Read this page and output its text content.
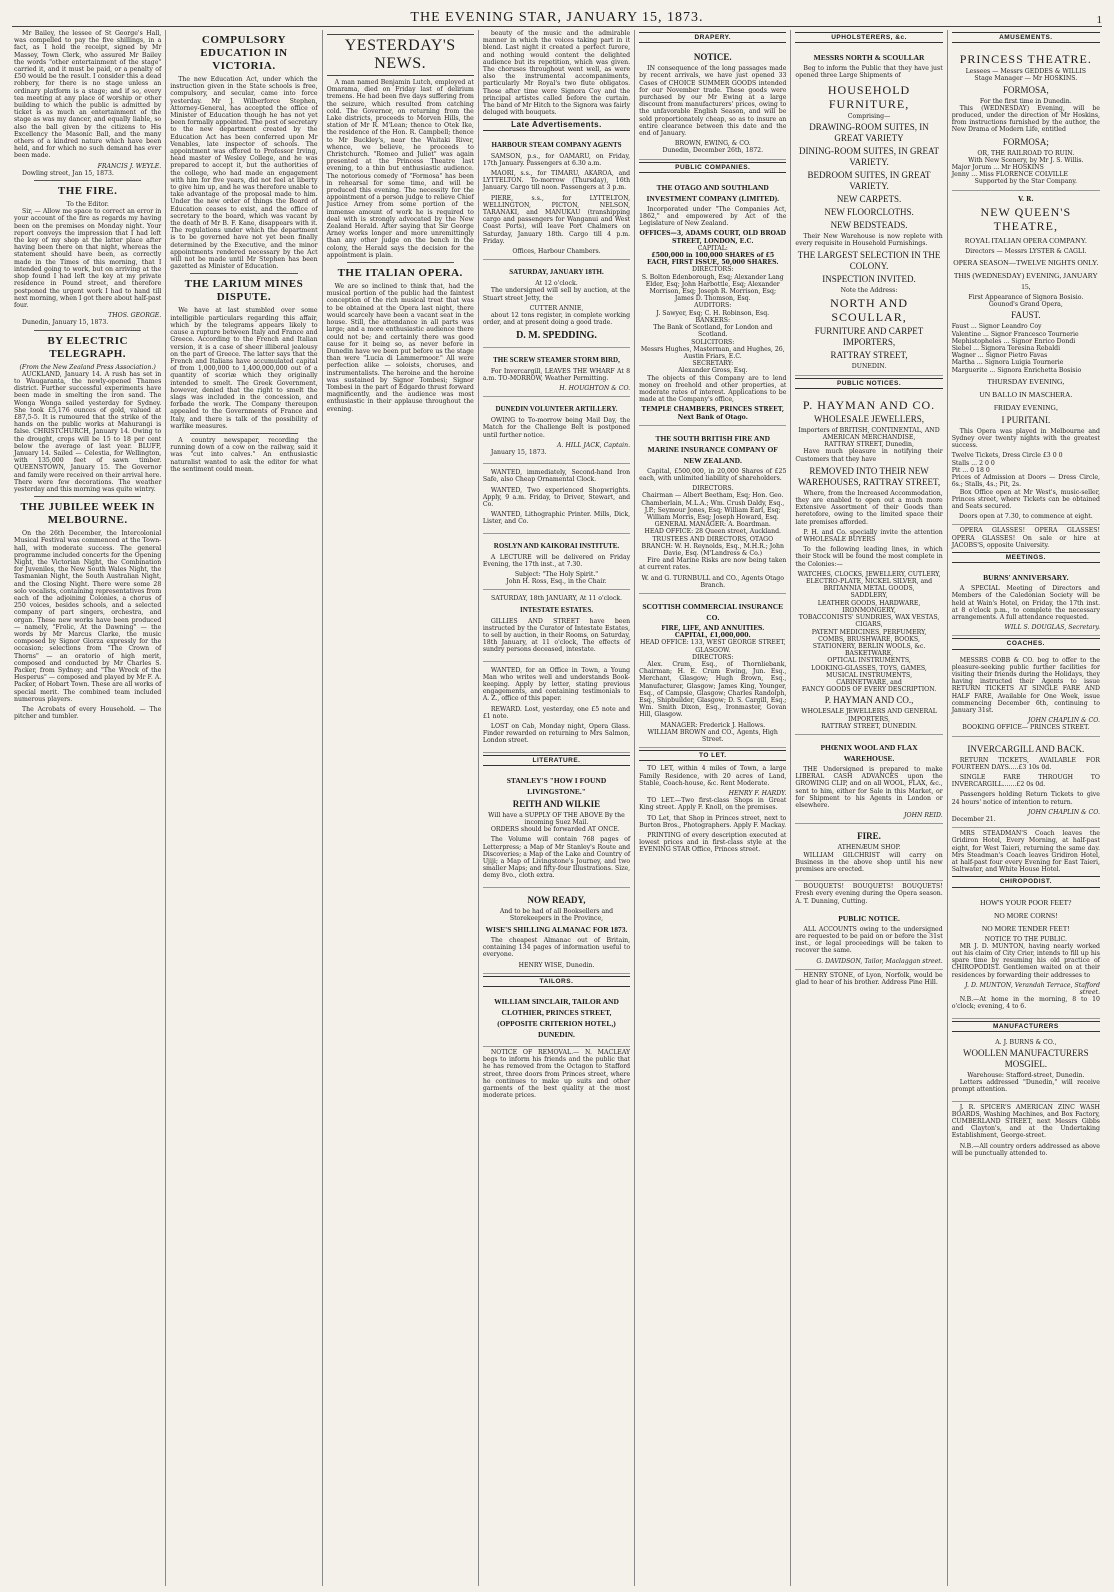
THE EVENING STAR, JANUARY 15, 1873.	1

Mr Bailey, the lessee of St George's Hall, was compelled to pay the five shillings, in a fact, as I hold the receipt, signed by Mr Massey, Town Clerk, who assured Mr Bailey the words "other entertainment of the stage" carried it, and it must be paid, or a penalty of £50 would be the result. I consider this a dead robbery, for there is no stage unless an ordinary platform is a stage; and if so, every tea meeting at any place of worship or other building to which the public is admitted by ticket is as much an entertainment of the stage as was my dancer, and equally liable, so also the ball given by the citizens to His Excellency the Masonic Ball, and the many others of a kindred nature which have been held, and for which no such demand has ever been made.

FRANCIS J. WEYLE.

Dowling street, Jan 15, 1873.

THE FIRE.
To the Editor.

Sir, — Allow me space to correct an error in your account of the fire as regards my having been on the premises on Monday night. Your report conveys the impression that I had left the key of my shop at the latter place after having been there on that night, whereas the statement should have been, as correctly made in the Times of this morning, that I intended going to work, but on arriving at the shop found I had left the key at my private residence in Pound street, and therefore postponed the urgent work I had to hand till next morning, when I got there about half-past four.

THOS. GEORGE.

Dunedin, January 15, 1873.

BY ELECTRIC TELEGRAPH.
(From the New Zealand Press Association.)

AUCKLAND, January 14. A rush has set in to Waugaranta, the newly-opened Thames district. Further successful experiments have been made in smelting the iron sand. The Wonga Wonga sailed yesterday for Sydney. She took £5,176 ounces of gold, valued at £87,5-5. It is rumoured that the strike of the hands on the public works at Mahurangi is false. CHRISTCHURCH, January 14. Owing to the drought, crops will be 15 to 18 per cent below the average of last year. BLUFF, January 14. Sailed — Celestia, for Wellington, with 135,000 feet of sawn timber. QUEENSTOWN, January 15. The Governor and family were received on their arrival here. There were few decorations. The weather yesterday and this morning was quite wintry.

THE JUBILEE WEEK IN MELBOURNE.

On the 26th December, the Intercolonial Musical Festival was commenced at the Town-hall, with moderate success. The general programme included concerts for the Opening Night, the Victorian Night, the Combination for Juveniles, the New South Wales Night, the Tasmanian Night, the South Australian Night, and the Closing Night. There were some 28 solo vocalists, containing representatives from each of the adjoining Colonies, a chorus of 250 voices, besides schools, and a selected company of part singers, orchestra, and organ. These new works have been produced — namely, "Frolic, At the Dawning" — the words by Mr Marcus Clarke, the music composed by Signor Giorza expressly for the occasion; selections from "The Crown of Thorns" — an oratorio of high merit, composed and conducted by Mr Charles S. Packer, from Sydney; and "The Wreck of the Hesperus" — composed and played by Mr F. A. Packer, of Hobart Town. These are all works of special merit. The combined team included numerous players.

The Acrobats of every Household. — The pitcher and tumbler.

COMPULSORY EDUCATION IN VICTORIA.

The new Education Act, under which the instruction given in the State schools is free, compulsory, and secular, came into force yesterday. Mr J. Wilberforce Stephen, Attorney-General, has accepted the office of Minister of Education though he has not yet been formally appointed. The post of secretary to the new department created by the Education Act has been conferred upon Mr Venables, late inspector of schools. The appointment was offered to Professor Irving, head master of Wesley College, and he was prepared to accept it, but the authorities of the college, who had made an engagement with him for five years, did not feel at liberty to give him up, and he was therefore unable to take advantage of the proposal made to him. Under the new order of things the Board of Education ceases to exist, and the office of secretary to the board, which was vacant by the death of Mr B. F. Kane, disappears with it. The regulations under which the department is to be governed have not yet been finally determined by the Executive, and the minor appointments rendered necessary by the Act will not be made until Mr Stephen has been gazetted as Minister of Education.

THE LARIUM MINES DISPUTE.

We have at last stumbled over some intelligible particulars regarding this affair, which by the telegrams appears likely to cause a rupture between Italy and France and Greece. According to the French and Italian version, it is a case of sheer illiberal jealousy on the part of Greece. The latter says that the French and Italians have accumulated capital of from 1,000,000 to 1,400,000,000 out of a quantity of scoriæ which they originally intended to smelt. The Greek Government, however, denied that the right to smelt the slags was included in the concession, and forbade the work. The Company thereupon appealed to the Governments of France and Italy, and there is talk of the possibility of warlike measures.

A country newspaper, recording the running down of a cow on the railway, said it was "cut into calves." An enthusiastic naturalist wanted to ask the editor for what the sentiment could mean.

YESTERDAY'S NEWS.

A man named Benjamin Lutch, employed at Omarama, died on Friday last of delirium tremens. He had been five days suffering from the seizure, which resulted from catching cold. The Governor, on returning from the Lake districts, proceeds to Morven Hills, the station of Mr R. M'Lean; thence to Otek Ike, the residence of the Hon. R. Campbell; thence to Mr Buckley's, near the Waitaki River, whence, we believe, he proceeds to Christchurch. "Romeo and Juliet" was again presented at the Princess Theatre last evening, to a thin but enthusiastic audience. The notorious comedy of "Formosa" has been in rehearsal for some time, and will be produced this evening. The necessity for the appointment of a person judge to relieve Chief Justice Arney from some portion of the immense amount of work he is required to deal with is strongly advocated by the New Zealand Herald. After saying that Sir George Arney works longer and more unremittingly than any other judge on the bench in the colony, the Herald says the decision for the appointment is plain.

THE ITALIAN OPERA.

We are so inclined to think that, had the musical portion of the public had the faintest conception of the rich musical treat that was to be obtained at the Opera last night, there would scarcely have been a vacant seat in the house. Still, the attendance in all parts was large; and a more enthusiastic audience there could not be; and certainly there was good cause for it being so, as never before in Dunedin have we been put before us the stage than were "Lucia di Lammermoor." All were perfection alike — soloists, choruses, and instrumentalists. The heroine and the heroine was sustained by Signor Tombesi; Signor Tombesi in the part of Edgardo thrust forward magnificently, and the audience was most enthusiastic in their applause throughout the evening.

beauty of the music and the admirable manner in which the voices taking part in it blend. Last night it created a perfect furore, and nothing would content the delighted audience but its repetition, which was given. The choruses throughout went well, as were also the instrumental accompaniments, particularly Mr Royal's two flute obligatos. Those after time were Signora Coy and the principal artistes called before the curtain. The band of Mr Hitch to the Signora was fairly deluged with bouquets.

Late Advertisements.
HARBOUR STEAM COMPANY AGENTS

SAMSON, p.s., for OAMARU, on Friday, 17th January. Passengers at 6.30 a.m.

MAORI, s.s., for TIMARU, AKAROA, and LYTTELTON. To-morrow (Thursday), 16th January. Cargo till noon. Passengers at 3 p.m.

PIERE, s.s., for LYTTELTON, WELLINGTON, PICTON, NELSON, TARANAKI, and MANUKAU (transhipping cargo and passengers for Wanganui and West Coast Ports), will leave Port Chalmers on Saturday, January 18th. Cargo till 4 p.m. Friday.

Offices, Harbour Chambers.
SATURDAY, JANUARY 18TH.
At 12 o'clock.

The undersigned will sell by auction, at the Stuart street Jetty, the

CUTTER ANNIE,

about 12 tons register, in complete working order, and at present doing a good trade.

D. M. SPEDDING.
THE SCREW STEAMER STORM BIRD,

For Invercargill, LEAVES THE WHARF At 8 a.m. TO-MORROW, Weather Permitting.

H. HOUGHTON & CO.
DUNEDIN VOLUNTEER ARTILLERY.

OWING to To-morrow being Mail Day, the Match for the Challenge Belt is postponed until further notice.

A. HILL JACK, Captain.

January 15, 1873.

WANTED, immediately, Second-hand Iron Safe, also Cheap Ornamental Clock.

WANTED, Two experienced Shopwrights. Apply, 9 a.m. Friday, to Driver, Stewart, and Co.

WANTED, Lithographic Printer. Mills, Dick, Lister, and Co.

ROSLYN AND KAIKORAI INSTITUTE.

A LECTURE will be delivered on Friday Evening, the 17th inst., at 7.30.

Subject: "The Holy Spirit."
John H. Ross, Esq., in the Chair.
SATURDAY, 18th JANUARY, At 11 o'clock.
INTESTATE ESTATES.

GILLIES AND STREET have been instructed by the Curator of Intestate Estates, to sell by auction, in their Rooms, on Saturday, 18th January, at 11 o'clock, The effects of sundry persons deceased, intestate.

WANTED, for an Office in Town, a Young Man who writes well and understands Book-keeping. Apply by letter, stating previous engagements, and containing testimonials to A. Z., office of this paper.

REWARD. Lost, yesterday, one £5 note and £1 note.

LOST on Cab, Monday night, Opera Glass. Finder rewarded on returning to Mrs Salmon, London street.

LITERATURE.
STANLEY'S "HOW I FOUND LIVINGSTONE."
REITH AND WILKIE
Will have a SUPPLY OF THE ABOVE By the incoming Suez Mail.

ORDERS should be forwarded AT ONCE.

The Volume will contain 768 pages of Letterpress; a Map of Mr Stanley's Route and Discoveries; a Map of the Lake and Country of Ujiji; a Map of Livingstone's Journey, and two smaller Maps; and fifty-four Illustrations. Size, demy 8vo., cloth extra.

NOW READY,
And to be had of all Booksellers and Storekeepers in the Province,
WISE'S SHILLING ALMANAC FOR 1873.

The cheapest Almanac out of Britain, containing 134 pages of information useful to everyone.

HENRY WISE, Dunedin.
TAILORS.
WILLIAM SINCLAIR, TAILOR AND CLOTHIER, PRINCES STREET, (OPPOSITE CRITERION HOTEL,) DUNEDIN.

NOTICE OF REMOVAL.— N. MACLEAY begs to inform his friends and the public that he has removed from the Octagon to Stafford street, three doors from Princes street, where he continues to make up suits and other garments of the best quality at the most moderate prices.

DRAPERY.
NOTICE.

IN consequence of the long passages made by recent arrivals, we have just opened 33 Cases of CHOICE SUMMER GOODS intended for our November trade. These goods were purchased by our Mr Ewing at a large discount from manufacturers' prices, owing to the unfavorable English Season, and will be sold proportionately cheap, so as to insure an entire clearance between this date and the end of January.

BROWN, EWING, & CO.
Dunedin, December 26th, 1872.
PUBLIC COMPANIES.
THE OTAGO AND SOUTHLAND INVESTMENT COMPANY (LIMITED).

Incorporated under "The Companies Act, 1862," and empowered by Act of the Legislature of New Zealand.

OFFICES—3, ADAMS COURT, OLD BROAD STREET, LONDON, E.C.
CAPITAL:
£500,000 in 100,000 SHARES of £5 EACH, FIRST ISSUE, 50,000 SHARES.
DIRECTORS:
S. Bolton Edenborough, Esq; Alexander Lang Elder, Esq; John Harbottle, Esq; Alexander Morrison, Esq; Joseph R. Morrison, Esq; James D. Thomson, Esq.
AUDITORS:
J. Sawyer, Esq; C. H. Robinson, Esq.
BANKERS:
The Bank of Scotland, for London and Scotland.
SOLICITORS:
Messrs Hughes, Masterman, and Hughes, 26, Austin Friars, E.C.
SECRETARY:
Alexander Gross, Esq.

The objects of this Company are to lend money on freehold and other properties, at moderate rates of interest. Applications to be made at the Company's office,

TEMPLE CHAMBERS, PRINCES STREET, Next Bank of Otago.
THE SOUTH BRITISH FIRE AND MARINE INSURANCE COMPANY OF NEW ZEALAND.

Capital, £500,000, in 20,000 Shares of £25 each, with unlimited liability of shareholders.

DIRECTORS.
Chairman — Albert Beetham, Esq; Hon. Geo. Chamberlain, M.L.A.; Wm. Crush Daldy, Esq., J.P.; Seymour Jones, Esq; William Earl, Esq; William Morris, Esq; Joseph Howard, Esq.
GENERAL MANAGER: A. Boardman.
HEAD OFFICE: 28 Queen street, Auckland.
TRUSTEES AND DIRECTORS, OTAGO BRANCH: W. H. Reynolds, Esq., M.H.R.; John Davie, Esq. (M'Landress & Co.)

Fire and Marine Risks are now being taken at current rates.

W. and G. TURNBULL and CO., Agents Otago Branch.
SCOTTISH COMMERCIAL INSURANCE CO.
FIRE, LIFE, AND ANNUITIES.
CAPITAL, £1,000,000.
HEAD OFFICE: 133, WEST GEORGE STREET, GLASGOW.
DIRECTORS:

Alex. Crum, Esq., of Thornliebank, Chairman; H. E. Crum Ewing, Jun. Esq., Merchant, Glasgow; Hugh Brown, Esq., Manufacturer, Glasgow; James King, Younger, Esq., of Campsie, Glasgow; Charles Randolph, Esq., Shipbuilder, Glasgow; D. S. Cargill, Esq.; Wm. Smith Dixon, Esq., Ironmaster, Govan Hill, Glasgow.

MANAGER: Frederick J. Hallows.
WILLIAM BROWN and CO., Agents, High Street.
TO LET.

TO LET, within 4 miles of Town, a large Family Residence, with 20 acres of Land, Stable, Coach-house, &c. Rent Moderate.

HENRY F. HARDY.

TO LET.—Two first-class Shops in Great King street. Apply F. Knoll, on the premises.

TO Let, that Shop in Princes street, next to Burton Bros., Photographers. Apply F. Mackay.

PRINTING of every description executed at lowest prices and in first-class style at the EVENING STAR Office, Princes street.

UPHOLSTERERS, &c.
MESSRS NORTH & SCOULLAR

Beg to inform the Public that they have just opened three Large Shipments of

HOUSEHOLD FURNITURE,
Comprising—
DRAWING-ROOM SUITES, IN GREAT VARIETY
DINING-ROOM SUITES, IN GREAT VARIETY.
BEDROOM SUITES, IN GREAT VARIETY.
NEW CARPETS.
NEW FLOORCLOTHS.
NEW BEDSTEADS.

Their New Warehouse is now replete with every requisite in Household Furnishings.

THE LARGEST SELECTION IN THE COLONY.
INSPECTION INVITED.
Note the Address:
NORTH AND SCOULLAR,
FURNITURE AND CARPET IMPORTERS,
RATTRAY STREET,
DUNEDIN.
PUBLIC NOTICES.
P. HAYMAN AND CO.
WHOLESALE JEWELLERS,
Importers of BRITISH, CONTINENTAL, AND AMERICAN MERCHANDISE,
RATTRAY STREET, Dunedin,

Have much pleasure in notifying their Customers that they have

REMOVED INTO THEIR NEW WAREHOUSES, RATTRAY STREET,

Where, from the Increased Accommodation, they are enabled to open out a much more Extensive Assortment of their Goods than heretofore, owing to the limited space their late premises afforded.

P. H. and Co. specially invite the attention of WHOLESALE BUYERS

To the following leading lines, in which their Stock will be found the most complete in the Colonies:—

WATCHES, CLOCKS, JEWELLERY, CUTLERY,
ELECTRO-PLATE, NICKEL SILVER, and BRITANNIA METAL GOODS,
SADDLERY,
LEATHER GOODS, HARDWARE, IRONMONGERY,
TOBACCONISTS' SUNDRIES, WAX VESTAS, CIGARS,
PATENT MEDICINES, PERFUMERY,
COMBS, BRUSHWARE, BOOKS,
STATIONERY, BERLIN WOOLS, &c.
BASKETWARE,
OPTICAL INSTRUMENTS,
LOOKING-GLASSES, TOYS, GAMES,
MUSICAL INSTRUMENTS,
CABINETWARE, and
FANCY GOODS OF EVERY DESCRIPTION.
P. HAYMAN AND CO.,
WHOLESALE JEWELLERS AND GENERAL IMPORTERS,
RATTRAY STREET, DUNEDIN.
PHŒNIX WOOL AND FLAX WAREHOUSE.

THE Undersigned is prepared to make LIBERAL CASH ADVANCES upon the GROWING CLIP, and on all WOOL, FLAX, &c., sent to him, either for Sale in this Market, or for Shipment to his Agents in London or elsewhere.

JOHN REID.
FIRE.
ATHENÆUM SHOP.

WILLIAM GILCHRIST will carry on Business in the above shop until his new premises are erected.

BOUQUETS! BOUQUETS! BOUQUETS! Fresh every evening during the Opera season. A. T. Dunning, Cutting.

PUBLIC NOTICE.

ALL ACCOUNTS owing to the undersigned are requested to be paid on or before the 31st inst., or legal proceedings will be taken to recover the same.

G. DAVIDSON, Tailor, Maclaggan street.

HENRY STONE, of Lyon, Norfolk, would be glad to hear of his brother. Address Pine Hill.

AMUSEMENTS.
PRINCESS THEATRE.
Lessees — Messrs GEDDES & WILLIS
Stage Manager — Mr HOSKINS.
FORMOSA,
For the first time in Dunedin.

This (WEDNESDAY) Evening, will be produced, under the direction of Mr Hoskins, from instructions furnished by the author, the New Drama of Modern Life, entitled

FORMOSA;
OR, THE RAILROAD TO RUIN.
With New Scenery, by Mr J. S. Willis.
Major Jorum ... Mr HOSKINS
Jenny ... Miss FLORENCE COLVILLE
Supported by the Star Company.
V. R.
NEW QUEEN'S THEATRE,
ROYAL ITALIAN OPERA COMPANY.
Directors — Messrs LYSTER & CAGLI.
OPERA SEASON—TWELVE NIGHTS ONLY.
THIS (WEDNESDAY) EVENING, JANUARY 15,
First Appearance of Signora Bosisio.
Gounod's Grand Opera,
FAUST.
Faust ... Signor Leandro Coy
Valentine ... Signor Francesco Tournerie
Mephistopheles ... Signor Enrico Dondi
Siebel ... Signora Teresina Rebaldi
Wagner ... Signor Pietro Favas
Martha ... Signora Luigia Tournerie
Marguerite ... Signora Enrichetta Bosisio
THURSDAY EVENING,
UN BALLO IN MASCHERA.
FRIDAY EVENING,
I PURITANI.

This Opera was played in Melbourne and Sydney over twenty nights with the greatest success.

Twelve Tickets, Dress Circle £3 0 0
Stalls ... 2 0 0
Pit ... 0 18 0
Prices of Admission at Doors — Dress Circle, 6s.; Stalls, 4s.; Pit, 2s.

Box Office open at Mr West's, music-seller, Princes street, where Tickets can be obtained and Seats secured.

Doors open at 7.30, to commence at eight.

OPERA GLASSES! OPERA GLASSES! OPERA GLASSES! On sale or hire at JACOBS'S, opposite University.

MEETINGS.
BURNS' ANNIVERSARY.

A SPECIAL Meeting of Directors and Members of the Caledonian Society will be held at Wain's Hotel, on Friday, the 17th inst. at 8 o'clock p.m., to complete the necessary arrangements. A full attendance requested.

WILL S. DOUGLAS, Secretary.
COACHES.

MESSRS COBB & CO. beg to offer to the pleasure-seeking public further facilities for visiting their friends during the Holidays, they having instructed their Agents to issue RETURN TICKETS AT SINGLE FARE AND HALF FARE, Available for One Week, issue commencing December 6th, continuing to January 31st.

JOHN CHAPLIN & CO.
BOOKING OFFICE— PRINCES STREET.
INVERCARGILL AND BACK.

RETURN TICKETS, AVAILABLE FOR FOURTEEN DAYS.....£3 10s 0d.

SINGLE FARE THROUGH TO INVERCARGILL.......£2 0s 0d.

Passengers holding Return Tickets to give 24 hours' notice of intention to return.

JOHN CHAPLIN & CO.
December 21.

MRS STEADMAN'S Coach leaves the Gridiron Hotel, Every Morning, at half-past eight, for West Taieri, returning the same day. Mrs Steadman's Coach leaves Gridiron Hotel, at half-past four every Evening for East Taieri, Saltwater, and White House Hotel.

CHIROPODIST.
HOW'S YOUR POOR FEET?
NO MORE CORNS!
NO MORE TENDER FEET!
NOTICE TO THE PUBLIC.

MR J. D. MUNTON, having nearly worked out his claim of City Crier, intends to fill up his spare time by resuming his old practice of CHIROPODIST. Gentlemen waited on at their residences by forwarding their addresses to

J. D. MUNTON, Verandah Terrace, Stafford street.

N.B.—At home in the morning, 8 to 10 o'clock; evening, 4 to 6.

MANUFACTURERS
A. J. BURNS & CO.,
WOOLLEN MANUFACTURERS MOSGIEL.
Warehouse: Stafford-street, Dunedin.

Letters addressed "Dunedin," will receive prompt attention.

J. R. SPICER'S AMERICAN ZINC WASH BOARDS, Washing Machines, and Box Factory, CUMBERLAND STREET, next Messrs Gibbs and Clayton's, and at the Undertaking Establishment, George-street.

N.B.—All country orders addressed as above will be punctually attended to.
